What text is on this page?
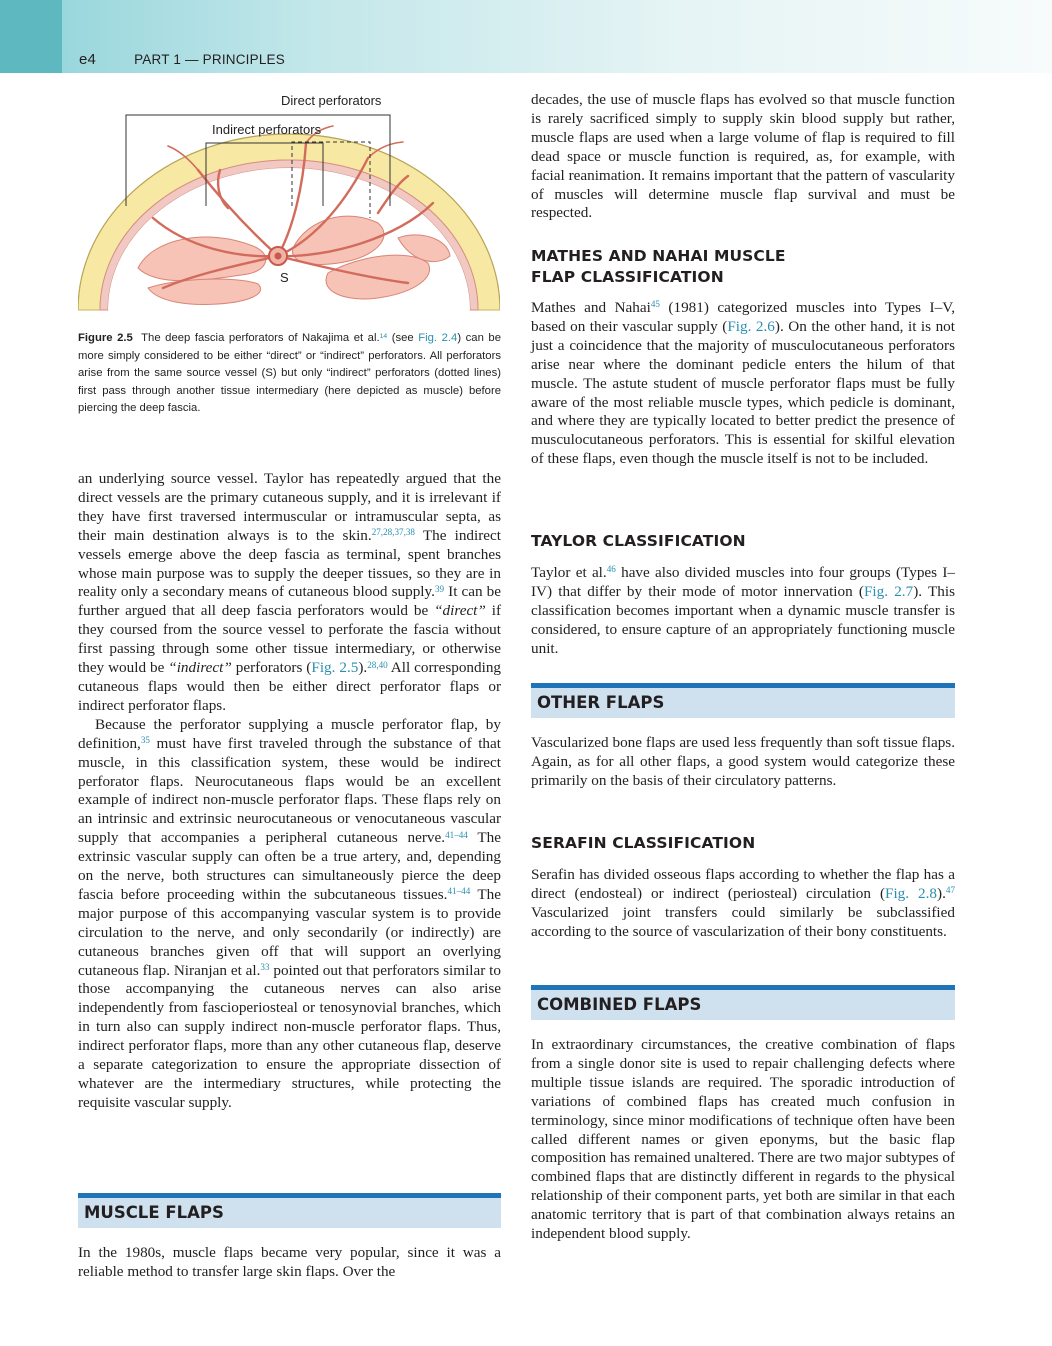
e4	PART 1 — PRINCIPLES
Direct perforators
Indirect perforators
S
Figure 2.5 The deep fascia perforators of Nakajima et al.$^{14}$ (see Fig. 2.4) can be more simply considered to be either “direct” or “indirect” perforators. All perforators arise from the same source vessel (S) but only “indirect” perforators (dotted lines) first pass through another tissue intermediary (here depicted as muscle) before piercing the deep fascia.

an underlying source vessel. Taylor has repeatedly argued that the direct vessels are the primary cutaneous supply, and it is irrelevant if they have first traversed intermuscular or intramuscular septa, as their main destination always is to the skin.$^{27,28,37,38}$ The indirect vessels emerge above the deep fascia as terminal, spent branches whose main purpose was to supply the deeper tissues, so they are in reality only a secondary means of cutaneous blood supply.$^{39}$ It can be further argued that all deep fascia perforators would be “direct” if they coursed from the source vessel to perforate the fascia without first passing through some other tissue intermediary, or otherwise they would be “indirect” perforators (Fig. 2.5).$^{28,40}$ All corresponding cutaneous flaps would then be either direct perforator flaps or indirect perforator flaps.

Because the perforator supplying a muscle perforator flap, by definition,$^{35}$ must have first traveled through the substance of that muscle, in this classification system, these would be indirect perforator flaps. Neurocutaneous flaps would be an excellent example of indirect non-muscle perforator flaps. These flaps rely on an intrinsic and extrinsic neurocutaneous or venocutaneous vascular supply that accompanies a peripheral cutaneous nerve.$^{41-44}$ The extrinsic vascular supply can often be a true artery, and, depending on the nerve, both structures can simultaneously pierce the deep fascia before proceeding within the subcutaneous tissues.$^{41-44}$ The major purpose of this accompanying vascular system is to provide circulation to the nerve, and only secondarily (or indirectly) are cutaneous branches given off that will support an overlying cutaneous flap. Niranjan et al.$^{33}$ pointed out that perforators similar to those accompanying the cutaneous nerves can also arise independently from fascioperiosteal or tenosynovial branches, which in turn also can supply indirect non-muscle perforator flaps. Thus, indirect perforator flaps, more than any other cutaneous flap, deserve a separate categorization to ensure the appropriate dissection of whatever are the intermediary structures, while protecting the requisite vascular supply.

MUSCLE FLAPS

In the 1980s, muscle flaps became very popular, since it was a reliable method to transfer large skin flaps. Over the

decades, the use of muscle flaps has evolved so that muscle function is rarely sacrificed simply to supply skin blood supply but rather, muscle flaps are used when a large volume of flap is required to fill dead space or muscle function is required, as, for example, with facial reanimation. It remains important that the pattern of vascularity of muscles will determine muscle flap survival and must be respected.

MATHES AND NAHAI MUSCLE
FLAP CLASSIFICATION

Mathes and Nahai$^{45}$ (1981) categorized muscles into Types I–V, based on their vascular supply (Fig. 2.6). On the other hand, it is not just a coincidence that the majority of musculocutaneous perforators arise near where the dominant pedicle enters the hilum of that muscle. The astute student of muscle perforator flaps must be fully aware of the most reliable muscle types, which pedicle is dominant, and where they are typically located to better predict the presence of musculocutaneous perforators. This is essential for skilful elevation of these flaps, even though the muscle itself is not to be included.

TAYLOR CLASSIFICATION

Taylor et al.$^{46}$ have also divided muscles into four groups (Types I–IV) that differ by their mode of motor innervation (Fig. 2.7). This classification becomes important when a dynamic muscle transfer is considered, to ensure capture of an appropriately functioning muscle unit.

OTHER FLAPS

Vascularized bone flaps are used less frequently than soft tissue flaps. Again, as for all other flaps, a good system would categorize these primarily on the basis of their circulatory patterns.

SERAFIN CLASSIFICATION

Serafin has divided osseous flaps according to whether the flap has a direct (endosteal) or indirect (periosteal) circulation (Fig. 2.8).$^{47}$ Vascularized joint transfers could similarly be subclassified according to the source of vascularization of their bony constituents.

COMBINED FLAPS

In extraordinary circumstances, the creative combination of flaps from a single donor site is used to repair challenging defects where multiple tissue islands are required. The sporadic introduction of variations of combined flaps has created much confusion in terminology, since minor modifications of technique often have been called different names or given eponyms, but the basic flap composition has remained unaltered. There are two major subtypes of combined flaps that are distinctly different in regards to the physical relationship of their component parts, yet both are similar in that each anatomic territory that is part of that combination always retains an independent blood supply.
